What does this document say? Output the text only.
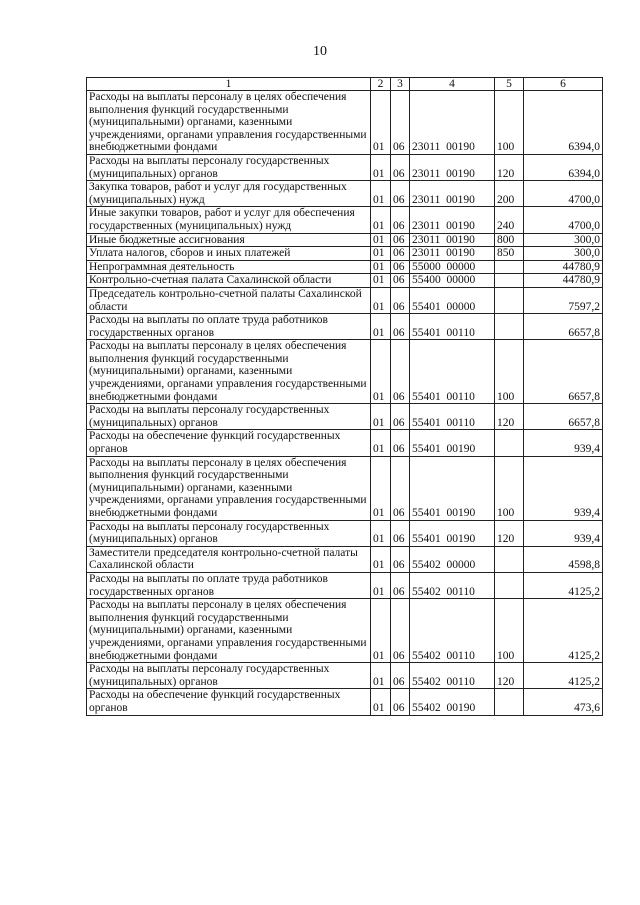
10
1	2	3	4	5	6
Расходы на выплаты персоналу в целях обеспечения выполнения функций государственными (муниципальными) органами, казенными учреждениями, органами управления государственными внебюджетными фондами	01	06	23011  00190	100	6394,0
Расходы на выплаты персоналу государственных (муниципальных) органов	01	06	23011  00190	120	6394,0
Закупка товаров, работ и услуг для государственных (муниципальных) нужд	01	06	23011  00190	200	4700,0
Иные закупки товаров, работ и услуг для обеспечения государственных (муниципальных) нужд	01	06	23011  00190	240	4700,0
Иные бюджетные ассигнования	01	06	23011  00190	800	300,0
Уплата налогов, сборов и иных платежей	01	06	23011  00190	850	300,0
Непрограммная деятельность	01	06	55000  00000		44780,9
Контрольно-счетная палата Сахалинской области	01	06	55400  00000		44780,9
Председатель контрольно-счетной палаты Сахалинской области	01	06	55401  00000		7597,2
Расходы на выплаты по оплате труда работников государственных органов	01	06	55401  00110		6657,8
Расходы на выплаты персоналу в целях обеспечения выполнения функций государственными (муниципальными) органами, казенными учреждениями, органами управления государственными внебюджетными фондами	01	06	55401  00110	100	6657,8
Расходы на выплаты персоналу государственных (муниципальных) органов	01	06	55401  00110	120	6657,8
Расходы на обеспечение функций государственных органов	01	06	55401  00190		939,4
Расходы на выплаты персоналу в целях обеспечения выполнения функций государственными (муниципальными) органами, казенными учреждениями, органами управления государственными внебюджетными фондами	01	06	55401  00190	100	939,4
Расходы на выплаты персоналу государственных (муниципальных) органов	01	06	55401  00190	120	939,4
Заместители председателя контрольно-счетной палаты Сахалинской области	01	06	55402  00000		4598,8
Расходы на выплаты по оплате труда работников государственных органов	01	06	55402  00110		4125,2
Расходы на выплаты персоналу в целях обеспечения выполнения функций государственными (муниципальными) органами, казенными учреждениями, органами управления государственными внебюджетными фондами	01	06	55402  00110	100	4125,2
Расходы на выплаты персоналу государственных (муниципальных) органов	01	06	55402  00110	120	4125,2
Расходы на обеспечение функций государственных органов	01	06	55402  00190		473,6
